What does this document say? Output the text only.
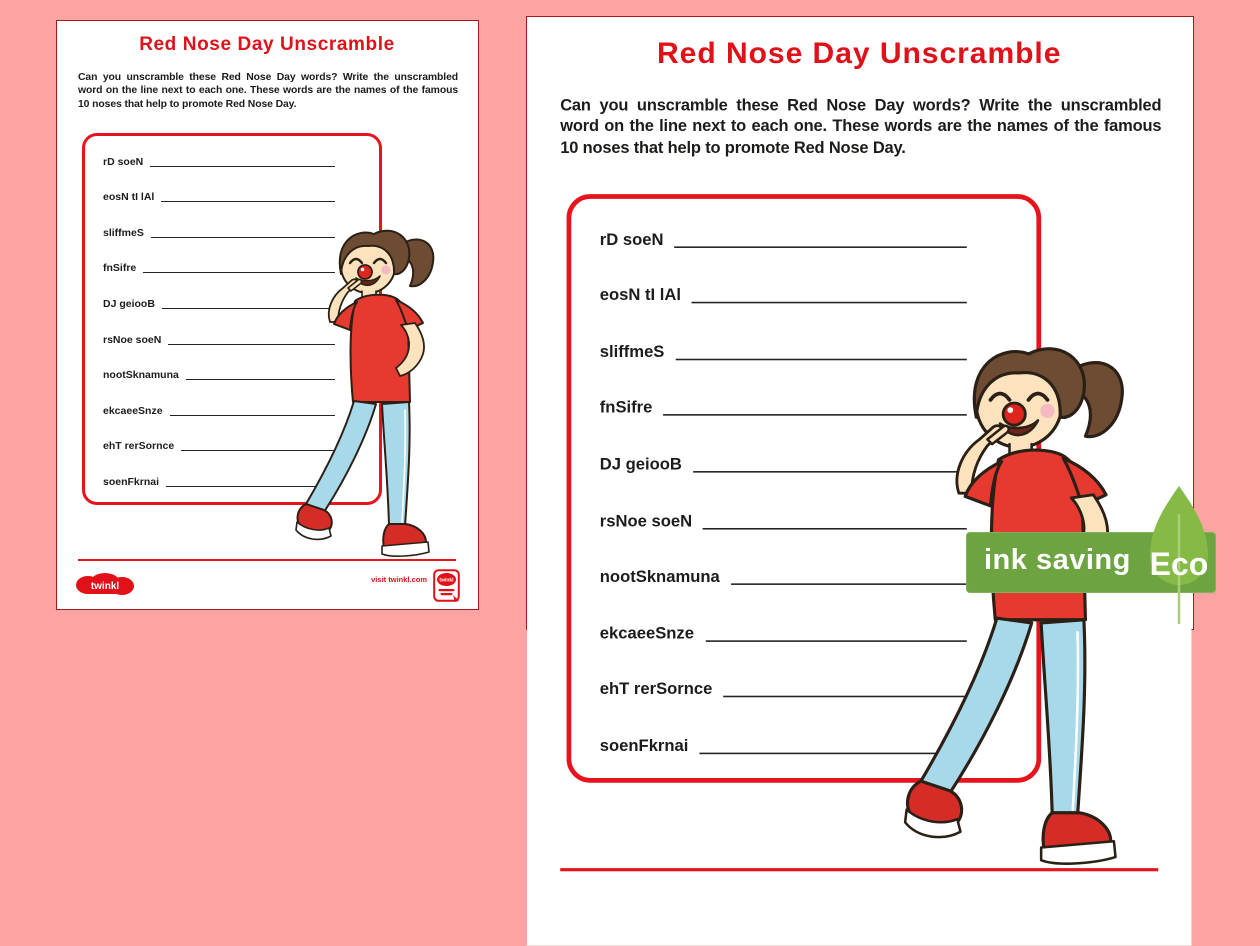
Red Nose Day Unscramble
Can you unscramble these Red Nose Day words? Write the unscrambled word on the line next to each one. These words are the names of the famous 10 noses that help to promote Red Nose Day.
rD soeN
eosN tI lAl
sliffmeS
fnSifre
DJ geiooB
rsNoe soeN
nootSknamuna
ekcaeeSnze
ehT rerSornce
soenFkrnai
twinkl
visit twinkl.com twinkl
Red Nose Day Unscramble
Can you unscramble these Red Nose Day words? Write the unscrambled word on the line next to each one. These words are the names of the famous 10 noses that help to promote Red Nose Day.
rD soeN
eosN tI lAl
sliffmeS
fnSifre
DJ geiooB
rsNoe soeN
nootSknamuna
ekcaeeSnze
ehT rerSornce
soenFkrnai
ink saving Eco
